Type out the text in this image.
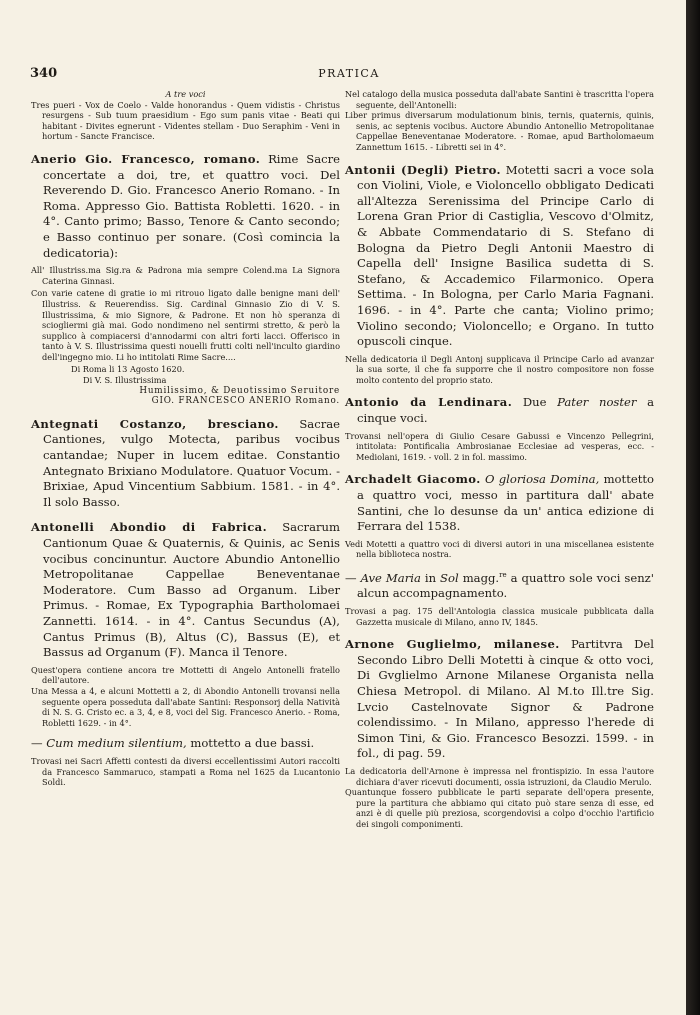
340	PRATICA

A tre voci

Tres pueri - Vox de Coelo - Valde honorandus - Quem vidistis - Christus resurgens - Sub tuum praesidium - Ego sum panis vitae - Beati qui habitant - Divites egnerunt - Videntes stellam - Duo Seraphim - Veni in hortum - Sancte Francisce.

Anerio Gio. Francesco, romano. Rime Sacre concertate a doi, tre, et quattro voci. Del Reverendo D. Gio. Francesco Anerio Romano. - In Roma. Appresso Gio. Battista Robletti. 1620. - in 4°. Canto primo; Basso, Tenore & Canto secondo; e Basso continuo per sonare. (Così comincia la dedicatoria):

All' Illustriss.ma Sig.ra & Padrona mia sempre Colend.ma La Signora Caterina Ginnasi.

Con varie catene di gratie io mi ritrouo ligato dalle benigne mani dell' Illustriss. & Reuerendiss. Sig. Cardinal Ginnasio Zio di V. S. Illustrissima, & mio Signore, & Padrone. Et non hò speranza di sciogliermi già mai. Godo nondimeno nel sentirmi stretto, & però la supplico à compiacersi d'annodarmi con altri forti lacci. Offerisco in tanto à V. S. Illustrissima questi nouelli frutti colti nell'inculto giardino dell'ingegno mio. Li ho intitolati Rime Sacre....

Di Roma li 13 Agosto 1620.

Di V. S. Illustrissima

Humilissimo, & Deuotissimo Seruitore

GIO. FRANCESCO ANERIO Romano.

Antegnati Costanzo, bresciano. Sacrae Cantiones, vulgo Motecta, paribus vocibus cantandae; Nuper in lucem editae. Constantio Antegnato Brixiano Modulatore. Quatuor Vocum. - Brixiae, Apud Vincentium Sabbium. 1581. - in 4°. Il solo Basso.

Antonelli Abondio di Fabrica. Sacrarum Cantionum Quae & Quaternis, & Quinis, ac Senis vocibus concinuntur. Auctore Abundio Antonellio Metropolitanae Cappellae Beneventanae Moderatore. Cum Basso ad Organum. Liber Primus. - Romae, Ex Typographia Bartholomaei Zannetti. 1614. - in 4°. Cantus Secundus (A), Cantus Primus (B), Altus (C), Bassus (E), et Bassus ad Organum (F). Manca il Tenore.

Quest'opera contiene ancora tre Mottetti di Angelo Antonelli fratello dell'autore.

Una Messa a 4, e alcuni Mottetti a 2, di Abondio Antonelli trovansi nella seguente opera posseduta dall'abate Santini: Responsorj della Natività di N. S. G. Cristo ec. a 3, 4, e 8, voci del Sig. Francesco Anerio. - Roma, Robletti 1629. - in 4°.

— Cum medium silentium, mottetto a due bassi.

Trovasi nei Sacri Affetti contesti da diversi eccellentissimi Autori raccolti da Francesco Sammaruco, stampati a Roma nel 1625 da Lucantonio Soldi.

Nel catalogo della musica posseduta dall'abate Santini è trascritta l'opera seguente, dell'Antonelli:

Liber primus diversarum modulationum binis, ternis, quaternis, quinis, senis, ac septenis vocibus. Auctore Abundio Antonellio Metropolitanae Cappellae Beneventanae Moderatore. - Romae, apud Bartholomaeum Zannettum 1615. - Libretti sei in 4°.

Antonii (Degli) Pietro. Motetti sacri a voce sola con Violini, Viole, e Violoncello obbligato Dedicati all'Altezza Serenissima del Principe Carlo di Lorena Gran Prior di Castiglia, Vescovo d'Olmitz, & Abbate Commendatario di S. Stefano di Bologna da Pietro Degli Antonii Maestro di Capella dell' Insigne Basilica sudetta di S. Stefano, & Accademico Filarmonico. Opera Settima. - In Bologna, per Carlo Maria Fagnani. 1696. - in 4°. Parte che canta; Violino primo; Violino secondo; Violoncello; e Organo. In tutto opuscoli cinque.

Nella dedicatoria il Degli Antonj supplicava il Principe Carlo ad avanzar la sua sorte, il che fa supporre che il nostro compositore non fosse molto contento del proprio stato.

Antonio da Lendinara. Due Pater noster a cinque voci.

Trovansi nell'opera di Giulio Cesare Gabussi e Vincenzo Pellegrini, intitolata: Pontificalia Ambrosianae Ecclesiae ad vesperas, ecc. - Mediolani, 1619. - voll. 2 in fol. massimo.

Archadelt Giacomo. O gloriosa Domina, mottetto a quattro voci, messo in partitura dall' abate Santini, che lo desunse da un' antica edizione di Ferrara del 1538.

Vedi Motetti a quattro voci di diversi autori in una miscellanea esistente nella biblioteca nostra.

— Ave Maria in Sol magg.$^{re}$ a quattro sole voci senz' alcun accompagnamento.

Trovasi a pag. 175 dell'Antologia classica musicale pubblicata dalla Gazzetta musicale di Milano, anno IV, 1845.

Arnone Guglielmo, milanese. Partitvra Del Secondo Libro Delli Motetti à cinque & otto voci, Di Gvglielmo Arnone Milanese Organista nella Chiesa Metropol. di Milano. Al M.to Ill.tre Sig. Lvcio Castelnovate Signor & Padrone colendissimo. - In Milano, appresso l'herede di Simon Tini, & Gio. Francesco Besozzi. 1599. - in fol., di pag. 59.

La dedicatoria dell'Arnone è impressa nel frontispizio. In essa l'autore dichiara d'aver ricevuti documenti, ossia istruzioni, da Claudio Merulo.

Quantunque fossero pubblicate le parti separate dell'opera presente, pure la partitura che abbiamo qui citato può stare senza di esse, ed anzi è di quelle più preziosa, scorgendovisi a colpo d'occhio l'artificio dei singoli componimenti.
